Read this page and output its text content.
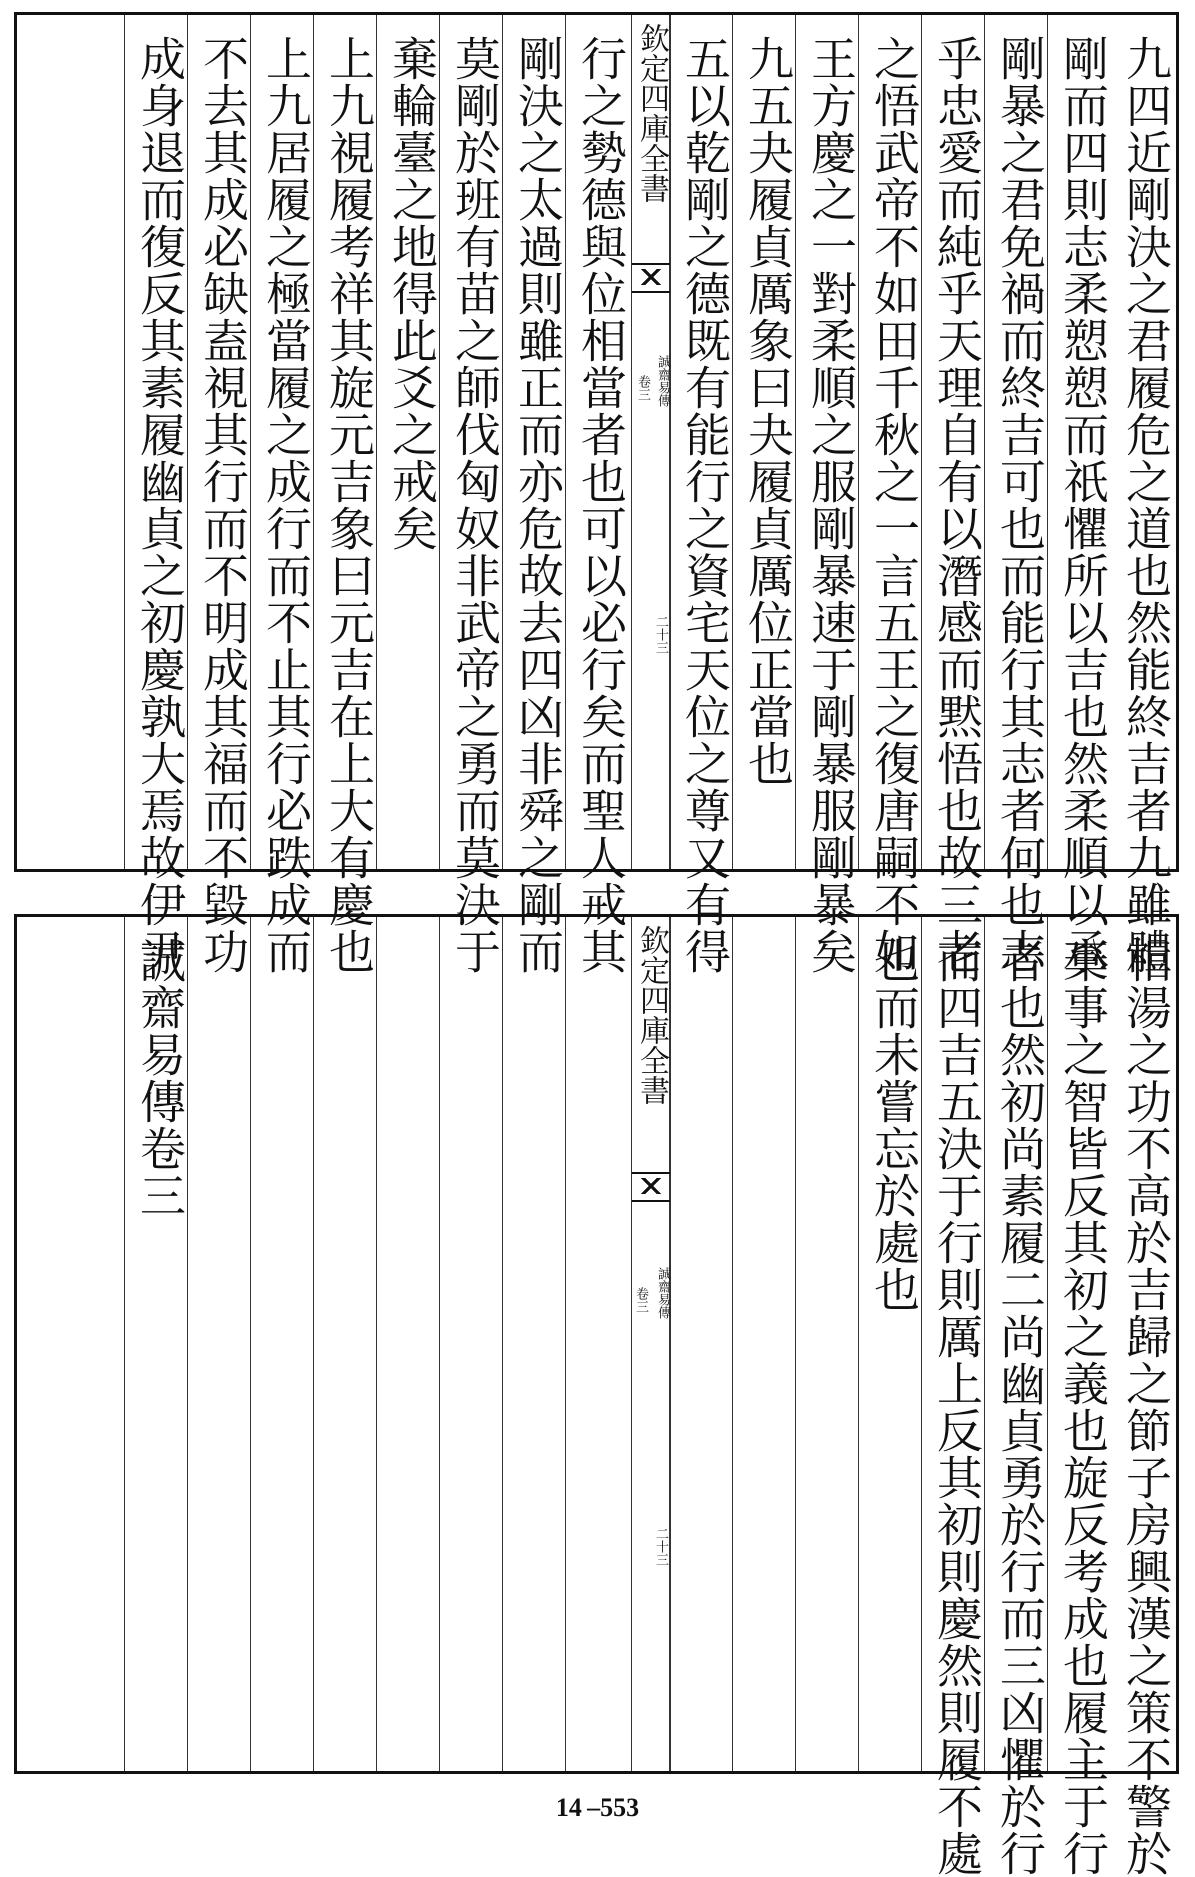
九四近剛決之君履危之道也然能終吉者九雖體
剛而四則志柔愬愬而祇懼所以吉也然柔順以承
剛暴之君免禍而終吉可也而能行其志者何也志
乎忠愛而純乎天理自有以潛感而黙悟也故三老
之悟武帝不如田千秋之一言五王之復唐嗣不如
王方慶之一對柔順之服剛暴速于剛暴服剛暴矣
九五夬履貞厲象曰夬履貞厲位正當也
五以乾剛之德既有能行之資宅天位之尊又有得
欽定四庫全書
誠齋易傳
卷三
二十三
行之勢德與位相當者也可以必行矣而聖人戒其
剛決之太過則雖正而亦危故去四凶非舜之剛而
莫剛於班有苗之師伐匈奴非武帝之勇而莫決于
棄輪臺之地得此爻之戒矣
上九視履考祥其旋元吉象曰元吉在上大有慶也
上九居履之極當履之成行而不止其行必跌成而
不去其成必缺盍視其行而不明成其福而不毀功
成身退而復反其素履幽貞之初慶孰大焉故伊尹
相湯之功不高於吉歸之節子房興漢之策不警於
棄事之智皆反其初之義也旋反考成也履主于行
者也然初尚素履二尚幽貞勇於行而三凶懼於行
而四吉五決于行則厲上反其初則慶然則履不處
也而未嘗忘於處也
欽定四庫全書
誠齋易傳
卷三
二十三
誠齋易傳卷三
14 –553
